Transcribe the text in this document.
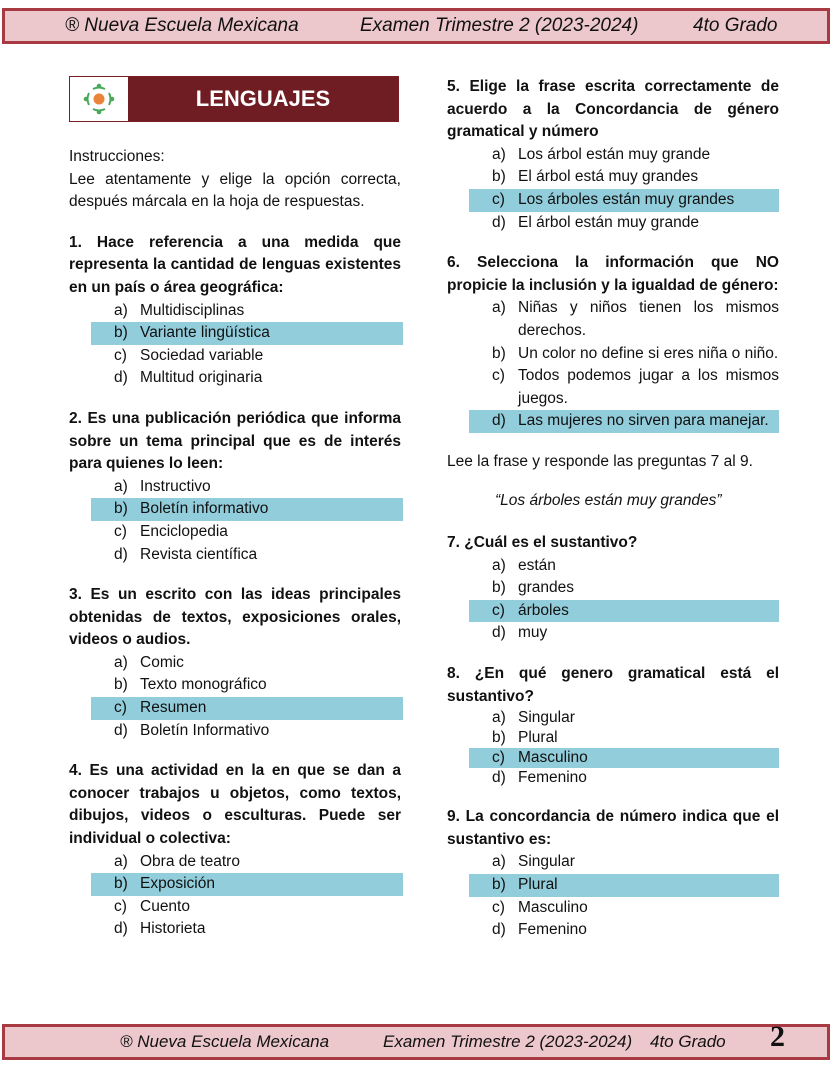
® Nueva Escuela Mexicana	Examen Trimestre 2 (2023-2024)	4to Grado
LENGUAJES
Instrucciones:
Lee atentamente y elige la opción correcta, después márcala en la hoja de respuestas.
1. Hace referencia a una medida que representa la cantidad de lenguas existentes en un país o área geográfica:
a) Multidisciplinas
b) Variante lingüística
c) Sociedad variable
d) Multitud originaria
2. Es una publicación periódica que informa sobre un tema principal que es de interés para quienes lo leen:
a) Instructivo
b) Boletín informativo
c) Enciclopedia
d) Revista científica
3. Es un escrito con las ideas principales obtenidas de textos, exposiciones orales, videos o audios.
a) Comic
b) Texto monográfico
c) Resumen
d) Boletín Informativo
4. Es una actividad en la en que se dan a conocer trabajos u objetos, como textos, dibujos, videos o esculturas. Puede ser individual o colectiva:
a) Obra de teatro
b) Exposición
c) Cuento
d) Historieta
5. Elige la frase escrita correctamente de acuerdo a la Concordancia de género gramatical y número
a) Los árbol están muy grande
b) El árbol está muy grandes
c) Los árboles están muy grandes
d) El árbol están muy grande
6. Selecciona la información que NO propicie la inclusión y la igualdad de género:
a) Niñas y niños tienen los mismos derechos.
b) Un color no define si eres niña o niño.
c) Todos podemos jugar a los mismos juegos.
d) Las mujeres no sirven para manejar.
Lee la frase y responde las preguntas 7 al 9.
“Los árboles están muy grandes”
7. ¿Cuál es el sustantivo?
a) están
b) grandes
c) árboles
d) muy
8. ¿En qué genero gramatical está el sustantivo?
a) Singular
b) Plural
c) Masculino
d) Femenino
9. La concordancia de número indica que el sustantivo es:
a) Singular
b) Plural
c) Masculino
d) Femenino
® Nueva Escuela Mexicana	Examen Trimestre 2 (2023-2024) 4to Grado 2
